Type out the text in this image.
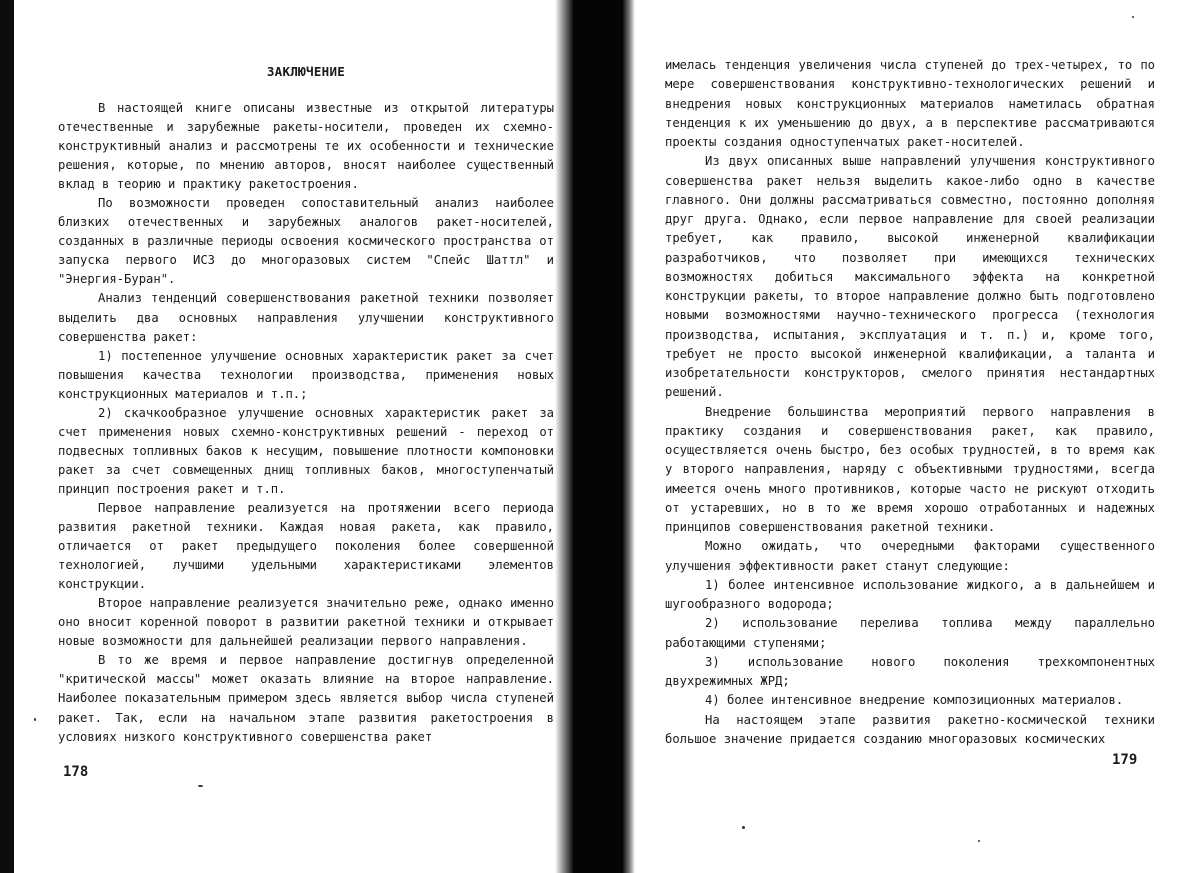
ЗАКЛЮЧЕНИЕ

В настоящей книге описаны известные из открытой литературы отечественные и зарубежные ракеты-носители, проведен их схемно-конструктивный анализ и рассмотрены те их особенности и технические решения, которые, по мнению авторов, вносят наиболее существенный вклад в теорию и практику ракетостроения.

По возможности проведен сопоставительный анализ наиболее близких отечественных и зарубежных аналогов ракет-носителей, созданных в различные периоды освоения космического пространства от запуска первого ИСЗ до многоразовых систем "Спейс Шаттл" и "Энергия-Буран".

Анализ тенденций совершенствования ракетной техники позволяет выделить два основных направления улучшении конструктивного совершенства ракет:

1) постепенное улучшение основных характеристик ракет за счет повышения качества технологии производства, применения новых конструкционных материалов и т.п.;

2) скачкообразное улучшение основных характеристик ракет за счет применения новых схемно-конструктивных решений - переход от подвесных топливных баков к несущим, повышение плотности компоновки ракет за счет совмещенных днищ топливных баков, многоступенчатый принцип построения ракет и т.п.

Первое направление реализуется на протяжении всего периода развития ракетной техники. Каждая новая ракета, как правило, отличается от ракет предыдущего поколения более совершенной технологией, лучшими удельными характеристиками элементов конструкции.

Второе направление реализуется значительно реже, однако именно оно вносит коренной поворот в развитии ракетной техники и открывает новые возможности для дальнейшей реализации первого направления.

В то же время и первое направление достигнув определенной "критической массы" может оказать влияние на второе направление. Наиболее показательным примером здесь является выбор числа ступеней ракет. Так, если на начальном этапе развития ракетостроения в условиях низкого конструктивного совершенства ракет

178

имелась тенденция увеличения числа ступеней до трех-четырех, то по мере совершенствования конструктивно-технологических решений и внедрения новых конструкционных материалов наметилась обратная тенденция к их уменьшению до двух, а в перспективе рассматриваются проекты создания одноступенчатых ракет-носителей.

Из двух описанных выше направлений улучшения конструктивного совершенства ракет нельзя выделить какое-либо одно в качестве главного. Они должны рассматриваться совместно, постоянно дополняя друг друга. Однако, если первое направление для своей реализации требует, как правило, высокой инженерной квалификации разработчиков, что позволяет при имеющихся технических возможностях добиться максимального эффекта на конкретной конструкции ракеты, то второе направление должно быть подготовлено новыми возможностями научно-технического прогресса (технология производства, испытания, эксплуатация и т. п.) и, кроме того, требует не просто высокой инженерной квалификации, а таланта и изобретательности конструкторов, смелого принятия нестандартных решений.

Внедрение большинства мероприятий первого направления в практику создания и совершенствования ракет, как правило, осуществляется очень быстро, без особых трудностей, в то время как у второго направления, наряду с объективными трудностями, всегда имеется очень много противников, которые часто не рискуют отходить от устаревших, но в то же время хорошо отработанных и надежных принципов совершенствования ракетной техники.

Можно ожидать, что очередными факторами существенного улучшения эффективности ракет станут следующие:

1) более интенсивное использование жидкого, а в дальнейшем и шугообразного водорода;

2) использование перелива топлива между параллельно работающими ступенями;

3) использование нового поколения трехкомпонентных двухрежимных ЖРД;

4) более интенсивное внедрение композиционных материалов.

На настоящем этапе развития ракетно-космической техники большое значение придается созданию многоразовых космических

179
